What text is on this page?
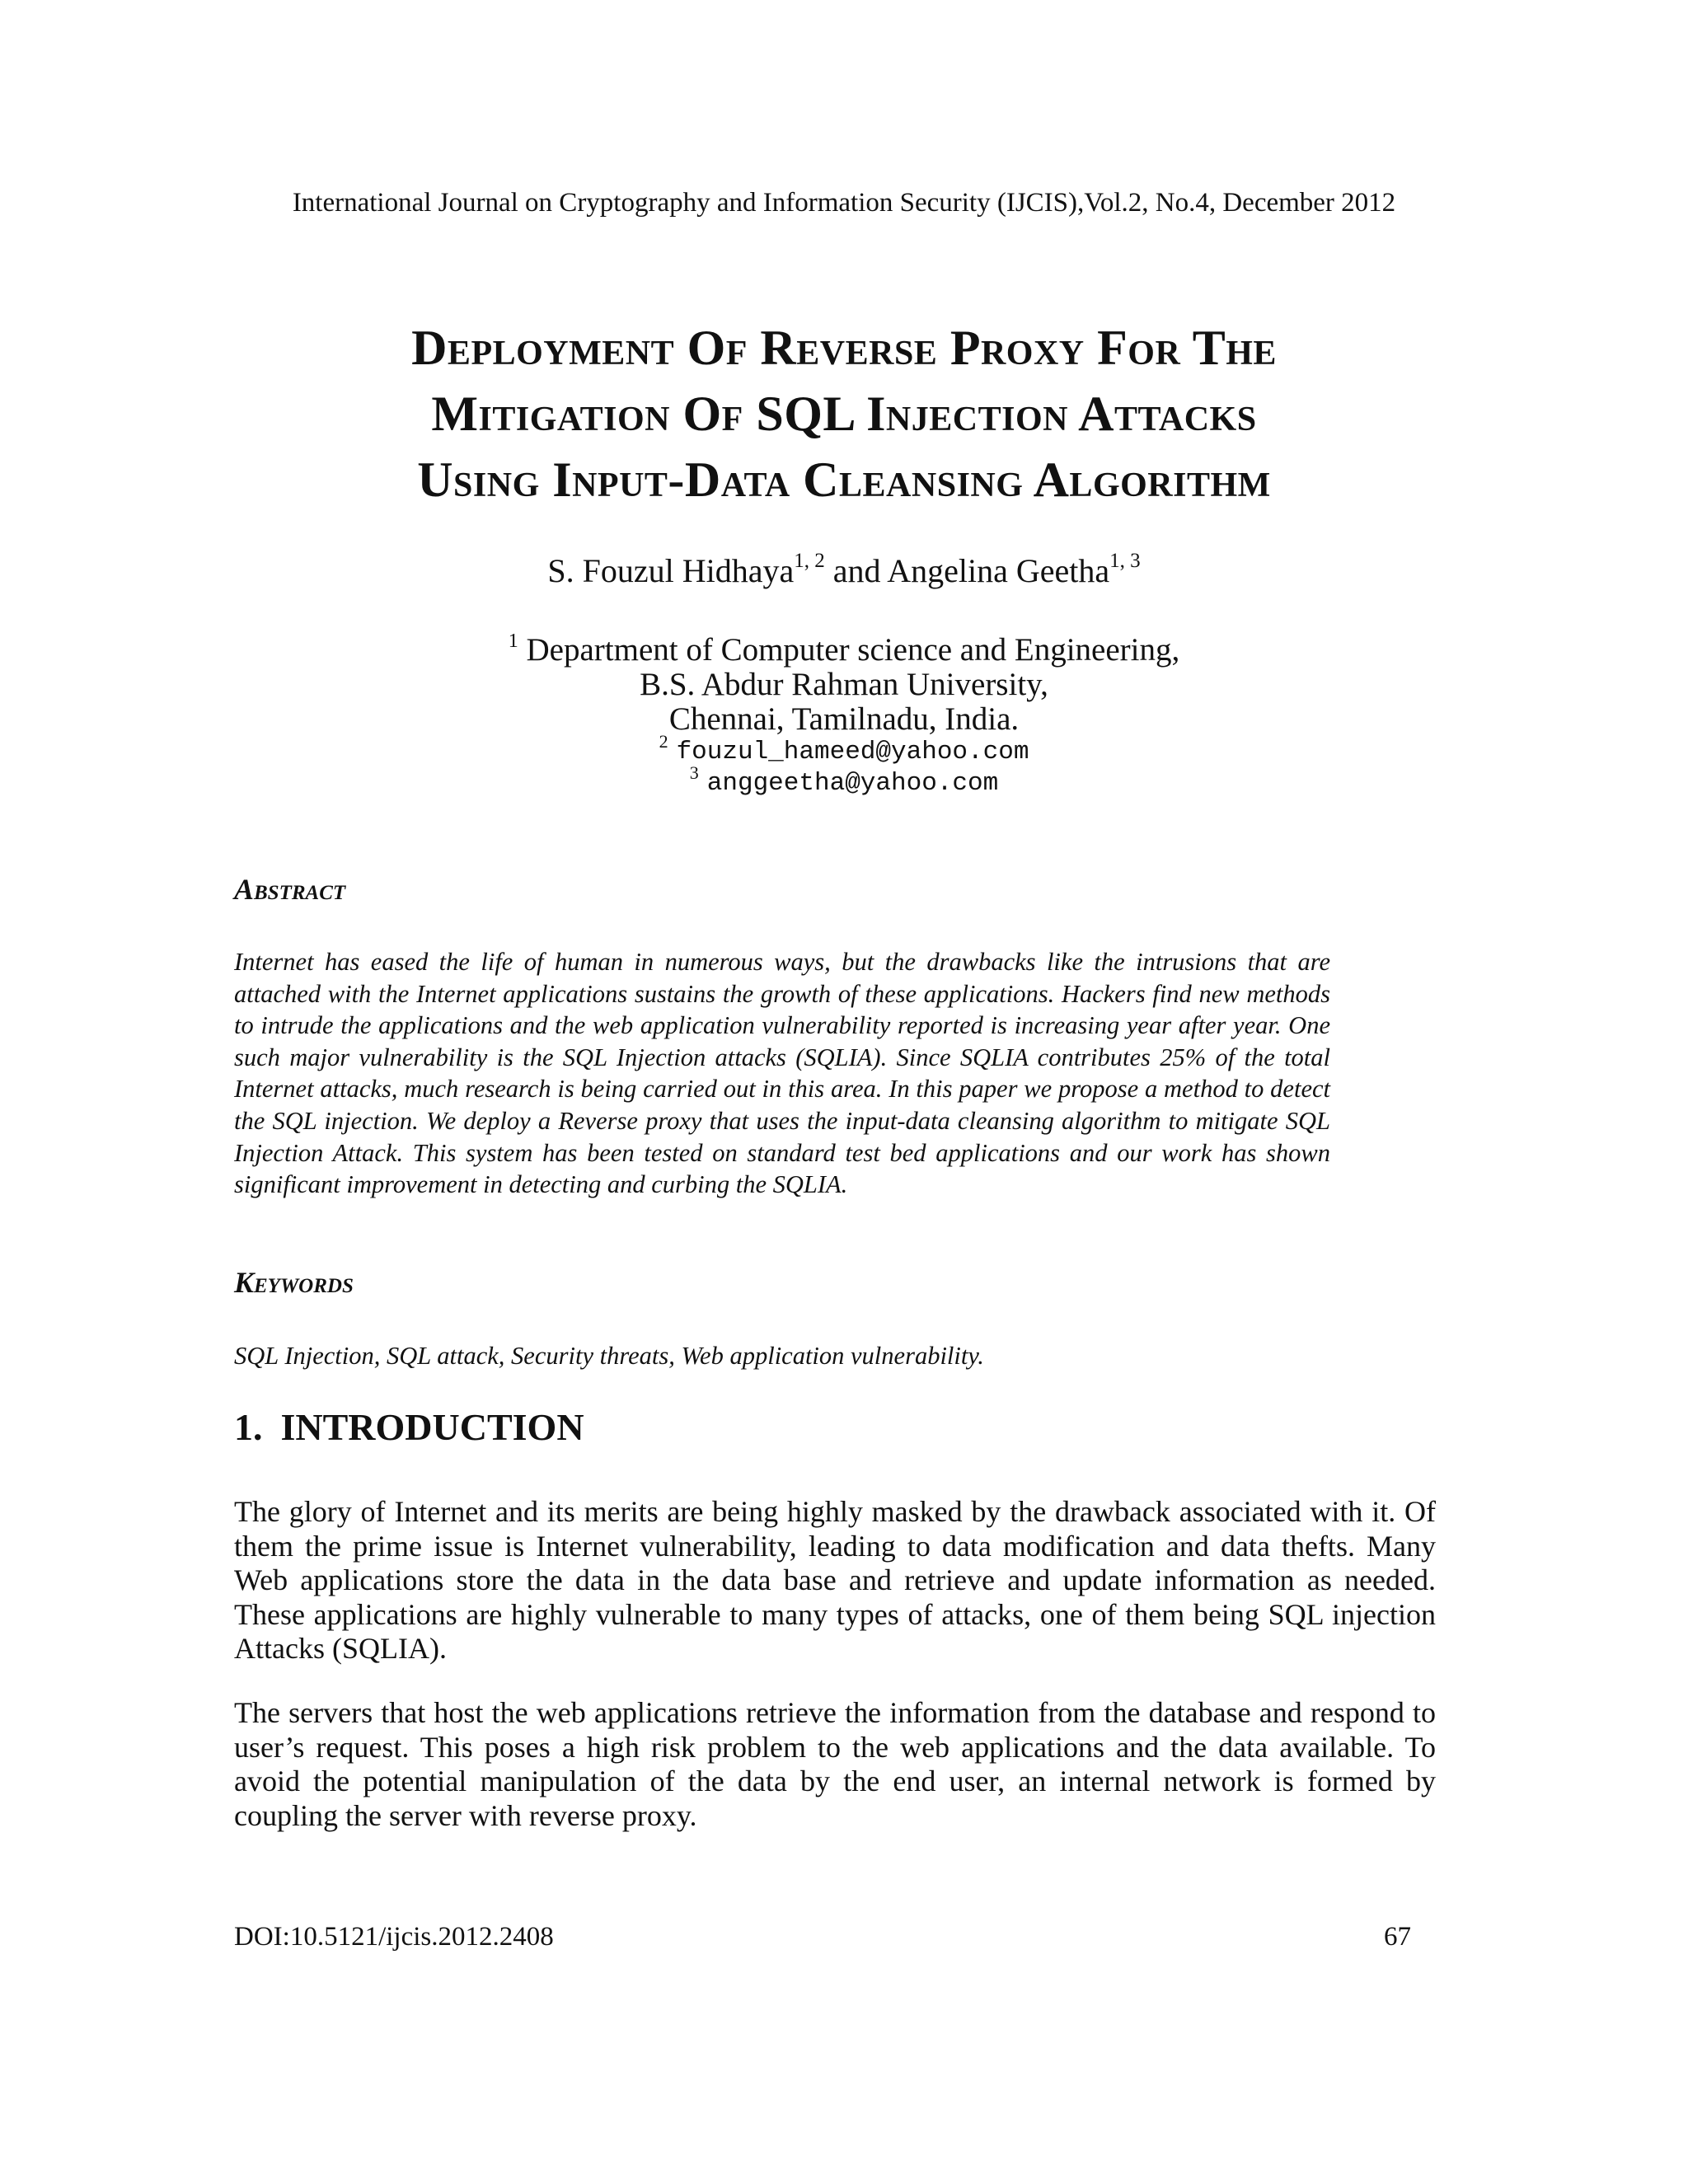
International Journal on Cryptography and Information Security (IJCIS),Vol.2, No.4, December 2012
Deployment Of Reverse Proxy For The
Mitigation Of SQL Injection Attacks
Using Input-Data Cleansing Algorithm
S. Fouzul Hidhaya$^{1, 2}$ and Angelina Geetha$^{1, 3}$
$^1$ Department of Computer science and Engineering,
B.S. Abdur Rahman University,
Chennai, Tamilnadu, India.
$^2$ fouzul_hameed@yahoo.com
$^3$ anggeetha@yahoo.com
Abstract
Internet has eased the life of human in numerous ways, but the drawbacks like the intrusions that are attached with the Internet applications sustains the growth of these applications. Hackers find new methods to intrude the applications and the web application vulnerability reported is increasing year after year. One such major vulnerability is the SQL Injection attacks (SQLIA). Since SQLIA contributes 25% of the total Internet attacks, much research is being carried out in this area. In this paper we propose a method to detect the SQL injection. We deploy a Reverse proxy that uses the input-data cleansing algorithm to mitigate SQL Injection Attack. This system has been tested on standard test bed applications and our work has shown significant improvement in detecting and curbing the SQLIA.
Keywords
SQL Injection, SQL attack, Security threats, Web application vulnerability.
1. INTRODUCTION
The glory of Internet and its merits are being highly masked by the drawback associated with it. Of them the prime issue is Internet vulnerability, leading to data modification and data thefts. Many Web applications store the data in the data base and retrieve and update information as needed. These applications are highly vulnerable to many types of attacks, one of them being SQL injection Attacks (SQLIA).
The servers that host the web applications retrieve the information from the database and respond to user’s request. This poses a high risk problem to the web applications and the data available. To avoid the potential manipulation of the data by the end user, an internal network is formed by coupling the server with reverse proxy.
DOI:10.5121/ijcis.2012.2408	67
